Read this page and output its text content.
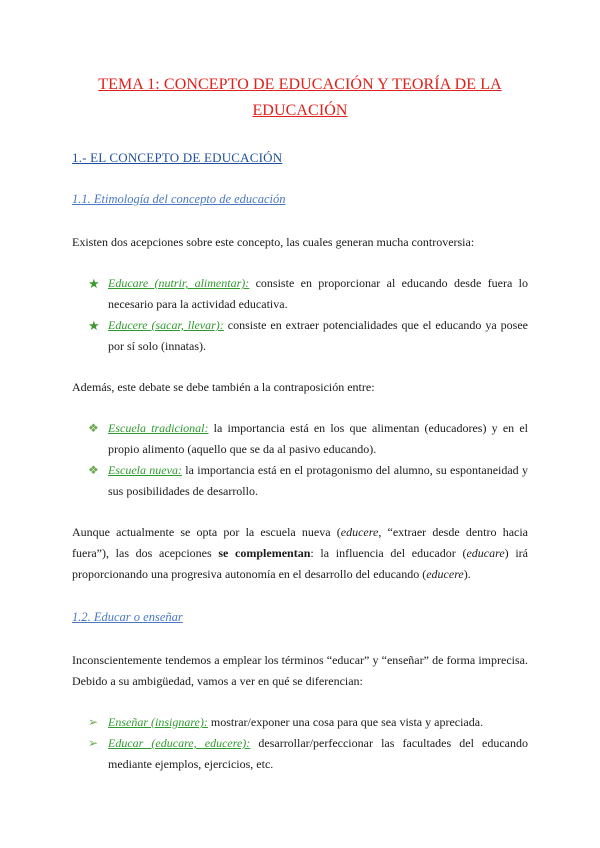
TEMA 1: CONCEPTO DE EDUCACIÓN Y TEORÍA DE LA
EDUCACIÓN
1.- EL CONCEPTO DE EDUCACIÓN
1.1. Etimología del concepto de educación
Existen dos acepciones sobre este concepto, las cuales generan mucha controversia:
★ Educare (nutrir, alimentar): consiste en proporcionar al educando desde fuera lo necesario para la actividad educativa.
★ Educere (sacar, llevar): consiste en extraer potencialidades que el educando ya posee por sí solo (innatas).
Además, este debate se debe también a la contraposición entre:
❖ Escuela tradicional: la importancia está en los que alimentan (educadores) y en el propio alimento (aquello que se da al pasivo educando).
❖ Escuela nueva: la importancia está en el protagonismo del alumno, su espontaneidad y sus posibilidades de desarrollo.
Aunque actualmente se opta por la escuela nueva (educere, “extraer desde dentro hacia fuera”), las dos acepciones se complementan: la influencia del educador (educare) irá proporcionando una progresiva autonomía en el desarrollo del educando (educere).
1.2. Educar o enseñar
Inconscientemente tendemos a emplear los términos “educar” y “enseñar” de forma imprecisa. Debido a su ambigüedad, vamos a ver en qué se diferencian:
➢ Enseñar (insignare): mostrar/exponer una cosa para que sea vista y apreciada.
➢ Educar (educare, educere): desarrollar/perfeccionar las facultades del educando mediante ejemplos, ejercicios, etc.
